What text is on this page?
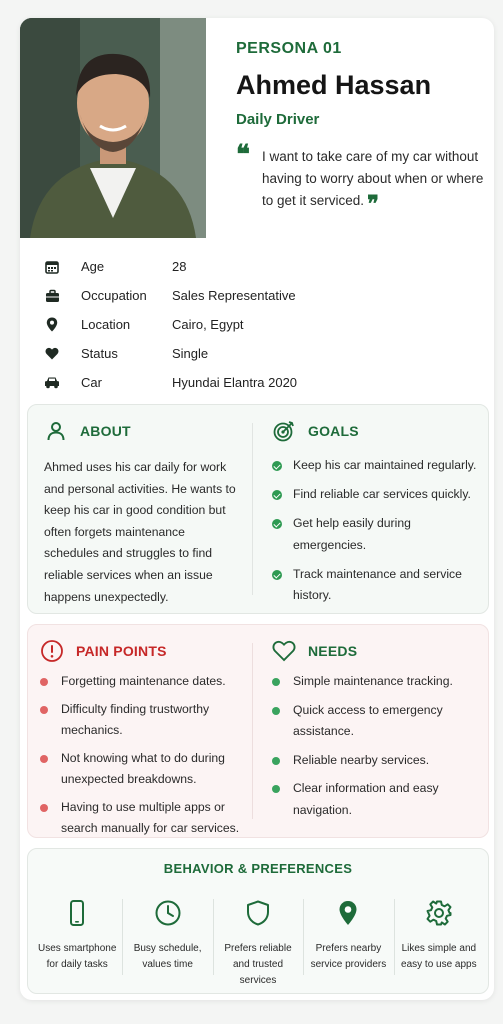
PERSONA 01
Ahmed Hassan
Daily Driver
❝ I want to take care of my car without having to worry about when or where to get it serviced. ❞
Age	28
Occupation	Sales Representative
Location	Cairo, Egypt
Status	Single
Car	Hyundai Elantra 2020
ABOUT
Ahmed uses his car daily for work and personal activities. He wants to keep his car in good condition but often forgets maintenance schedules and struggles to find reliable services when an issue happens unexpectedly.
GOALS
Keep his car maintained regularly.
Find reliable car services quickly.
Get help easily during emergencies.
Track maintenance and service history.
PAIN POINTS
Forgetting maintenance dates.
Difficulty finding trustworthy mechanics.
Not knowing what to do during unexpected breakdowns.
Having to use multiple apps or search manually for car services.
NEEDS
Simple maintenance tracking.
Quick access to emergency assistance.
Reliable nearby services.
Clear information and easy navigation.
BEHAVIOR & PREFERENCES
Uses smartphone for daily tasks
Busy schedule, values time
Prefers reliable and trusted services
Prefers nearby service providers
Likes simple and easy to use apps
